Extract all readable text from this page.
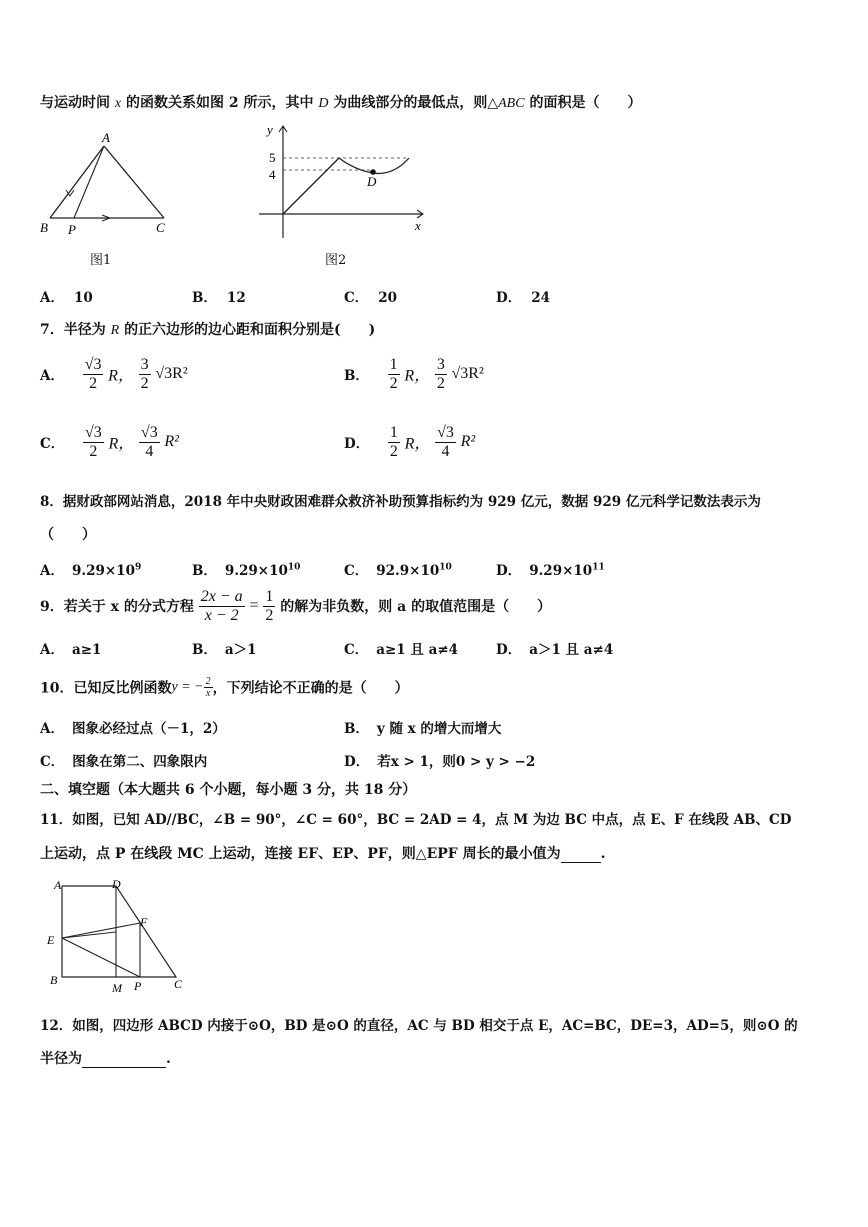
与运动时间 x 的函数关系如图 2 所示，其中 D 为曲线部分的最低点，则△ABC 的面积是（　　）
A
B P	C
图1
y
x
5
4	D
图2
A． 10	B． 12	C． 20	D． 24
7．半径为 R 的正六边形的边心距和面积分别是(　　)
A． $\frac{√3}{2}$ R， $\frac{3}{2} √3R^2$	B． $\frac{1}{2}$ R， $\frac{3}{2} √3R^2$
C． $\frac{√3}{2}$ R， $\frac{√3}{4} R^2$	D． $\frac{1}{2}$ R， $\frac{√3}{4} R^2$
8．据财政部网站消息，2018 年中央财政困难群众救济补助预算指标约为 929 亿元，数据 929 亿元科学记数法表示为
（　　）
A． $9.29\times 10^9$	B． $9.29\times 10^{10}$	C． $92.9\times 10^{10}$	D． $9.29\times 10^{11}$
9．若关于 x 的分式方程 $\frac{2x - a}{x - 2} = \frac{1}{2}$ 的解为非负数，则 a 的取值范围是（　　）
A． a≥1	B． a＞1	C． a≥1 且 a≠4	D． a＞1 且 a≠4
10．已知反比例函数y = − $\frac{2}{x}$ ，下列结论不正确的是（　　）
A． 图象必经过点（－1，2）	B． y 随 x 的增大而增大
C． 图象在第二、四象限内	D． 若x > 1，则0 > y > −2
二、填空题（本大题共 6 个小题，每小题 3 分，共 18 分）
11．如图，已知 AD//BC，∠B = 90°，∠C = 60°，BC = 2AD = 4，点 M 为边 BC 中点，点 E、F 在线段 AB、CD
上运动，点 P 在线段 MC 上运动，连接 EF、EP、PF，则△EPF 周长的最小值为	.
A	D
F
E
B
M P	C
12．如图，四边形 ABCD 内接于⊙O，BD 是⊙O 的直径，AC 与 BD 相交于点 E，AC=BC，DE=3，AD=5，则⊙O 的
半径为	.
